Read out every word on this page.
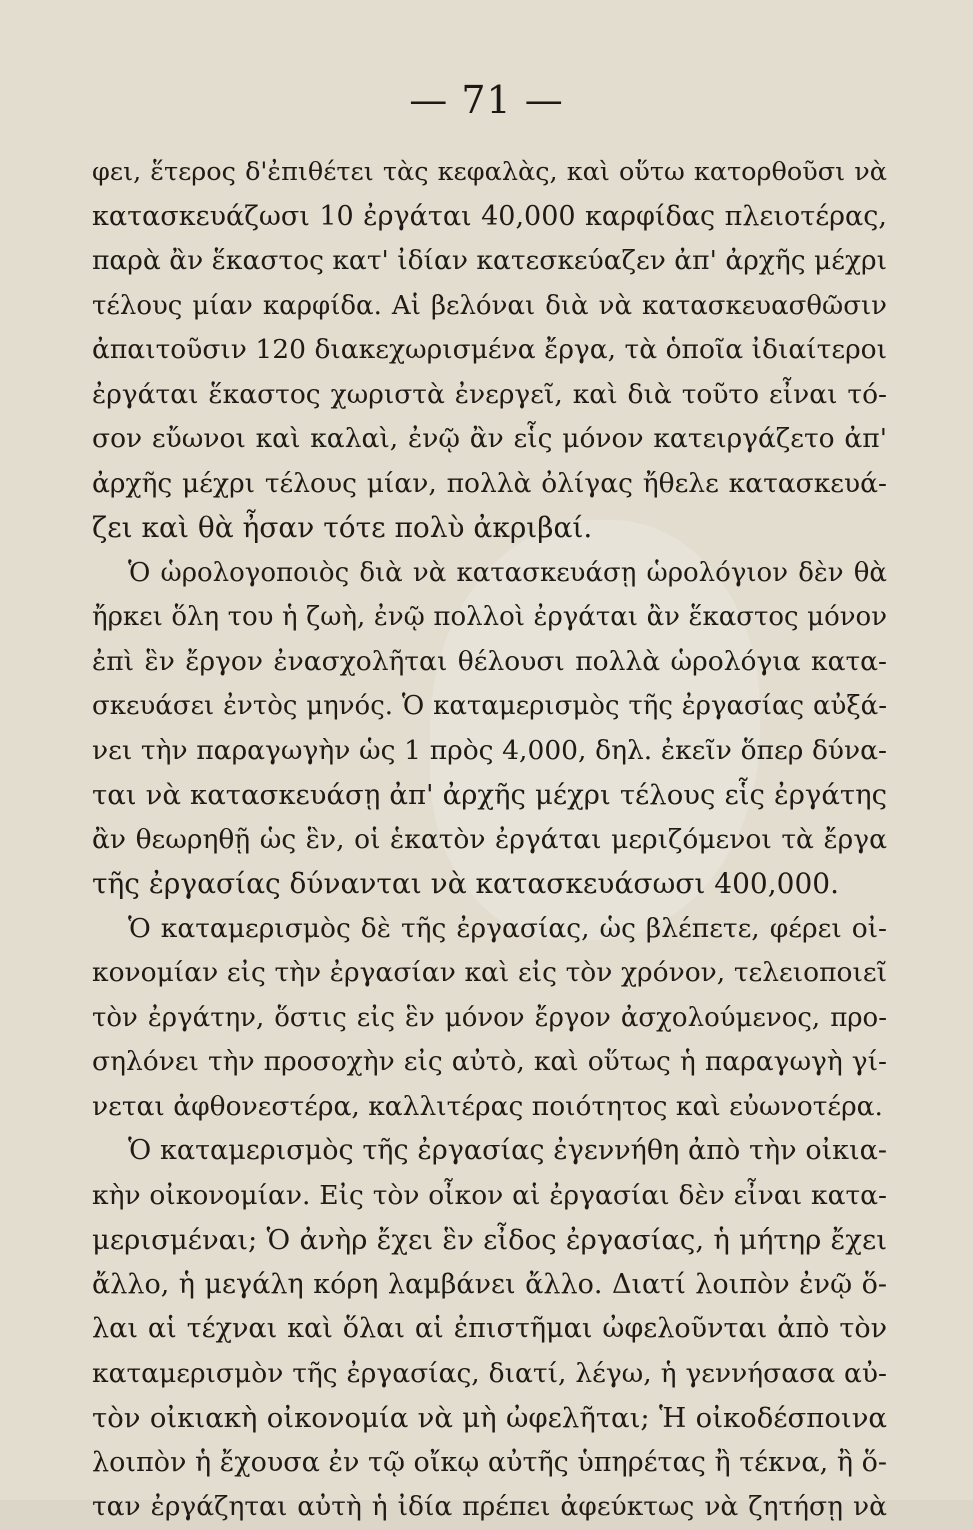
— 71 —
φει, ἕτερος δ'ἐπιθέτει τὰς κεφαλὰς, καὶ οὕτω κατορθοῦσι νὰ
κατασκευάζωσι 10 ἐργάται 40,000 καρφίδας πλειοτέρας,
παρὰ ἂν ἕκαστος κατ' ἰδίαν κατεσκεύαζεν ἀπ' ἀρχῆς μέχρι
τέλους μίαν καρφίδα. Αἱ βελόναι διὰ νὰ κατασκευασθῶσιν
ἀπαιτοῦσιν 120 διακεχωρισμένα ἔργα, τὰ ὁποῖα ἰδιαίτεροι
ἐργάται ἕκαστος χωριστὰ ἐνεργεῖ, καὶ διὰ τοῦτο εἶναι τό-
σον εὔωνοι καὶ καλαὶ, ἐνῷ ἂν εἷς μόνον κατειργάζετο ἀπ'
ἀρχῆς μέχρι τέλους μίαν, πολλὰ ὀλίγας ἤθελε κατασκευά-
ζει καὶ θὰ ἦσαν τότε πολὺ ἀκριβαί.
Ὁ ὡρολογοποιὸς διὰ νὰ κατασκευάσῃ ὡρολόγιον δὲν θὰ
ἤρκει ὅλη του ἡ ζωὴ, ἐνῷ πολλοὶ ἐργάται ἂν ἕκαστος μόνον
ἐπὶ ἓν ἔργον ἐνασχολῆται θέλουσι πολλὰ ὡρολόγια κατα-
σκευάσει ἐντὸς μηνός. Ὁ καταμερισμὸς τῆς ἐργασίας αὐξά-
νει τὴν παραγωγὴν ὡς 1 πρὸς 4,000, δηλ. ἐκεῖν ὅπερ δύνα-
ται νὰ κατασκευάσῃ ἀπ' ἀρχῆς μέχρι τέλους εἷς ἐργάτης
ἂν θεωρηθῇ ὡς ἓν, οἱ ἑκατὸν ἐργάται μεριζόμενοι τὰ ἔργα
τῆς ἐργασίας δύνανται νὰ κατασκευάσωσι 400,000.
Ὁ καταμερισμὸς δὲ τῆς ἐργασίας, ὡς βλέπετε, φέρει οἰ-
κονομίαν εἰς τὴν ἐργασίαν καὶ εἰς τὸν χρόνον, τελειοποιεῖ
τὸν ἐργάτην, ὅστις εἰς ἓν μόνον ἔργον ἀσχολούμενος, προ-
σηλόνει τὴν προσοχὴν εἰς αὐτὸ, καὶ οὕτως ἡ παραγωγὴ γί-
νεται ἀφθονεστέρα, καλλιτέρας ποιότητος καὶ εὐωνοτέρα.
Ὁ καταμερισμὸς τῆς ἐργασίας ἐγεννήθη ἀπὸ τὴν οἰκια-
κὴν οἰκονομίαν. Εἰς τὸν οἶκον αἱ ἐργασίαι δὲν εἶναι κατα-
μερισμέναι; Ὁ ἀνὴρ ἔχει ἓν εἶδος ἐργασίας, ἡ μήτηρ ἔχει
ἄλλο, ἡ μεγάλη κόρη λαμβάνει ἄλλο. Διατί λοιπὸν ἐνῷ ὅ-
λαι αἱ τέχναι καὶ ὅλαι αἱ ἐπιστῆμαι ὠφελοῦνται ἀπὸ τὸν
καταμερισμὸν τῆς ἐργασίας, διατί, λέγω, ἡ γεννήσασα αὐ-
τὸν οἰκιακὴ οἰκονομία νὰ μὴ ὠφελῆται; Ἡ οἰκοδέσποινα
λοιπὸν ἡ ἔχουσα ἐν τῷ οἴκῳ αὐτῆς ὑπηρέτας ἢ τέκνα, ἢ ὅ-
ταν ἐργάζηται αὐτὴ ἡ ἰδία πρέπει ἀφεύκτως νὰ ζητήσῃ νὰ
